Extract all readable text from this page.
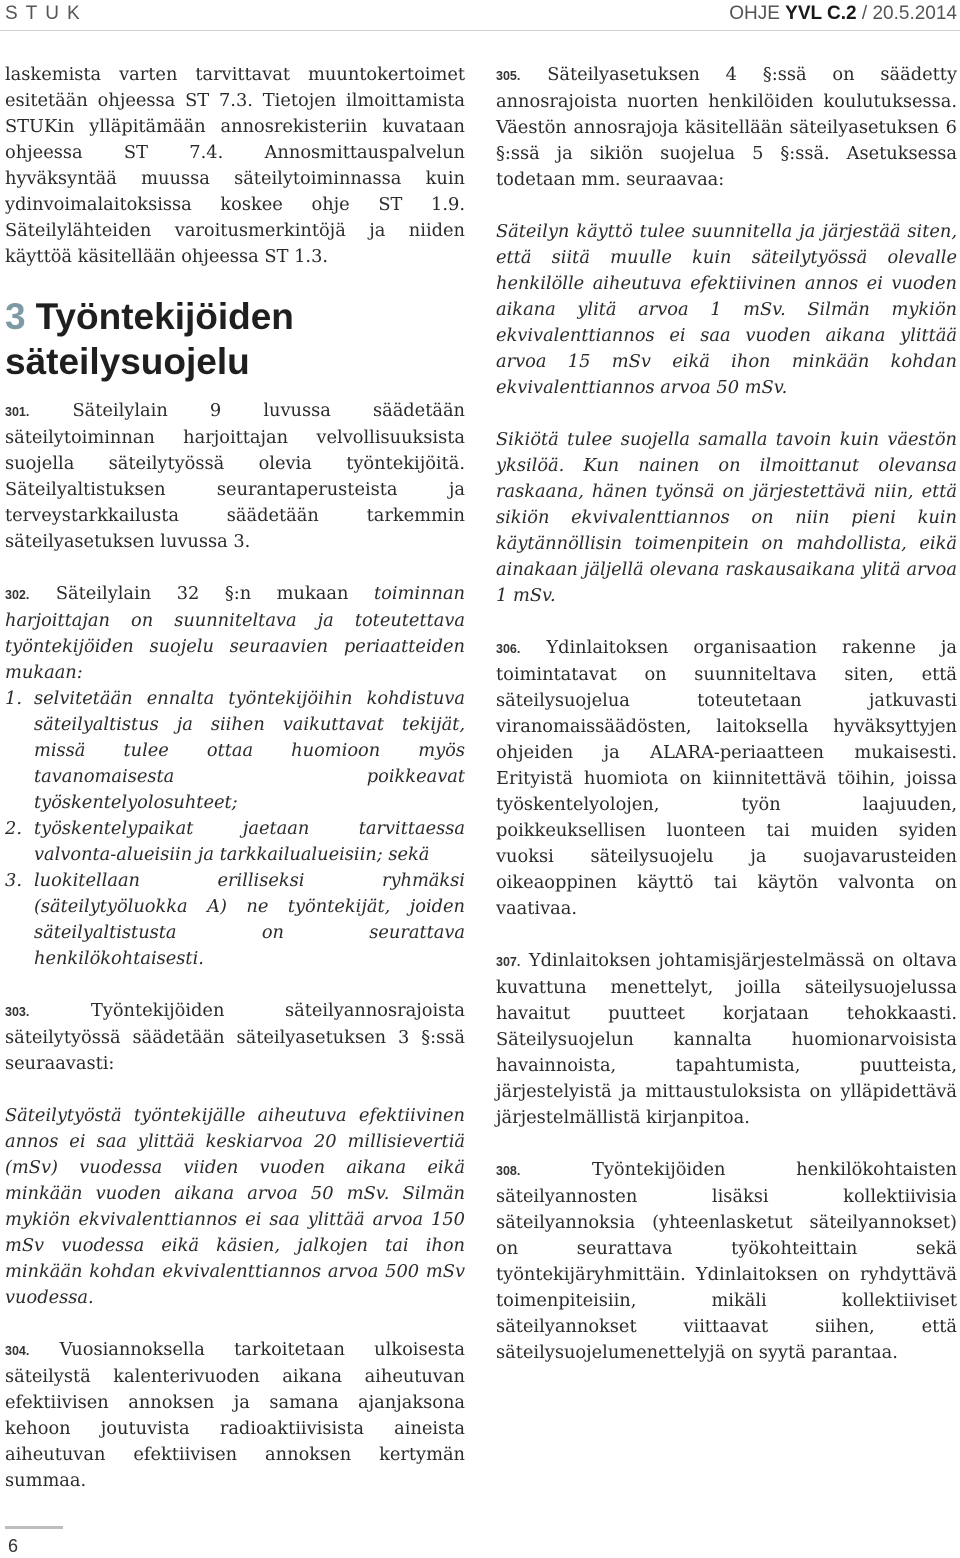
STUK	OHJE YVL C.2 / 20.5.2014

laskemista varten tarvittavat muuntokertoimet esitetään ohjeessa ST 7.3. Tietojen ilmoittamista STUKin ylläpitämään annosrekisteriin kuvataan ohjeessa ST 7.4. Annosmittauspalvelun hyväksyntää muussa säteilytoiminnassa kuin ydinvoimalaitoksissa koskee ohje ST 1.9. Säteilylähteiden varoitusmerkintöjä ja niiden käyttöä käsitellään ohjeessa ST 1.3.

3 Työntekijöiden säteilysuojelu

301. Säteilylain 9 luvussa säädetään säteilytoiminnan harjoittajan velvollisuuksista suojella säteilytyössä olevia työntekijöitä. Säteilyaltistuksen seurantaperusteista ja terveystarkkailusta säädetään tarkemmin säteilyasetuksen luvussa 3.

302. Säteilylain 32 §:n mukaan toiminnan harjoittajan on suunniteltava ja toteutettava työntekijöiden suojelu seuraavien periaatteiden mukaan:

1. selvitetään ennalta työntekijöihin kohdistuva säteilyaltistus ja siihen vaikuttavat tekijät, missä tulee ottaa huomioon myös tavanomaisesta poikkeavat työskentelyolosuhteet;
2. työskentelypaikat jaetaan tarvittaessa valvonta-alueisiin ja tarkkailualueisiin; sekä
3. luokitellaan erilliseksi ryhmäksi (säteilytyöluokka A) ne työntekijät, joiden säteilyaltistusta on seurattava henkilökohtaisesti.

303.	Työntekijöiden säteilyannosrajoista säteilytyössä säädetään säteilyasetuksen 3 §:ssä seuraavasti:

Säteilytyöstä työntekijälle aiheutuva efektiivinen annos ei saa ylittää keskiarvoa 20 millisievertiä (mSv) vuodessa viiden vuoden aikana eikä minkään vuoden aikana arvoa 50 mSv. Silmän mykiön ekvivalenttiannos ei saa ylittää arvoa 150 mSv vuodessa eikä käsien, jalkojen tai ihon minkään kohdan ekvivalenttiannos arvoa 500 mSv vuodessa.

304. Vuosiannoksella tarkoitetaan ulkoisesta säteilystä kalenterivuoden aikana aiheutuvan efektiivisen annoksen ja samana ajanjaksona kehoon joutuvista radioaktiivisista aineista aiheutuvan efektiivisen annoksen kertymän summaa.

305. Säteilyasetuksen 4 §:ssä on säädetty annosrajoista nuorten henkilöiden koulutuksessa. Väestön annosrajoja käsitellään säteilyasetuksen 6 §:ssä ja sikiön suojelua 5 §:ssä. Asetuksessa todetaan mm. seuraavaa:

Säteilyn käyttö tulee suunnitella ja järjestää siten, että siitä muulle kuin säteilytyössä olevalle henkilölle aiheutuva efektiivinen annos ei vuoden aikana ylitä arvoa 1 mSv. Silmän mykiön ekvivalenttiannos ei saa vuoden aikana ylittää arvoa 15 mSv eikä ihon minkään kohdan ekvivalenttiannos arvoa 50 mSv.

Sikiötä tulee suojella samalla tavoin kuin väestön yksilöä. Kun nainen on ilmoittanut olevansa raskaana, hänen työnsä on järjestettävä niin, että sikiön ekvivalenttiannos on niin pieni kuin käytännöllisin toimenpitein on mahdollista, eikä ainakaan jäljellä olevana raskausaikana ylitä arvoa 1 mSv.

306. Ydinlaitoksen organisaation rakenne ja toimintatavat on suunniteltava siten, että säteilysuojelua toteutetaan jatkuvasti viranomaissäädösten, laitoksella hyväksyttyjen ohjeiden ja ALARA-periaatteen mukaisesti. Erityistä huomiota on kiinnitettävä töihin, joissa työskentelyolojen, työn laajuuden, poikkeuksellisen luonteen tai muiden syiden vuoksi säteilysuojelu ja suojavarusteiden oikeaoppinen käyttö tai käytön valvonta on vaativaa.

307. Ydinlaitoksen johtamisjärjestelmässä on oltava kuvattuna menettelyt, joilla säteilysuojelussa havaitut puutteet korjataan tehokkaasti. Säteilysuojelun kannalta huomionarvoisista havainnoista, tapahtumista, puutteista, järjestelyistä ja mittaustuloksista on ylläpidettävä järjestelmällistä kirjanpitoa.

308.	Työntekijöiden henkilökohtaisten säteilyannosten lisäksi kollektiivisia säteilyannoksia (yhteenlasketut säteilyannokset) on seurattava työkohteittain sekä työntekijäryhmittäin. Ydinlaitoksen on ryhdyttävä toimenpiteisiin, mikäli kollektiiviset säteilyannokset viittaavat siihen, että säteilysuojelumenettelyjä on syytä parantaa.

6
